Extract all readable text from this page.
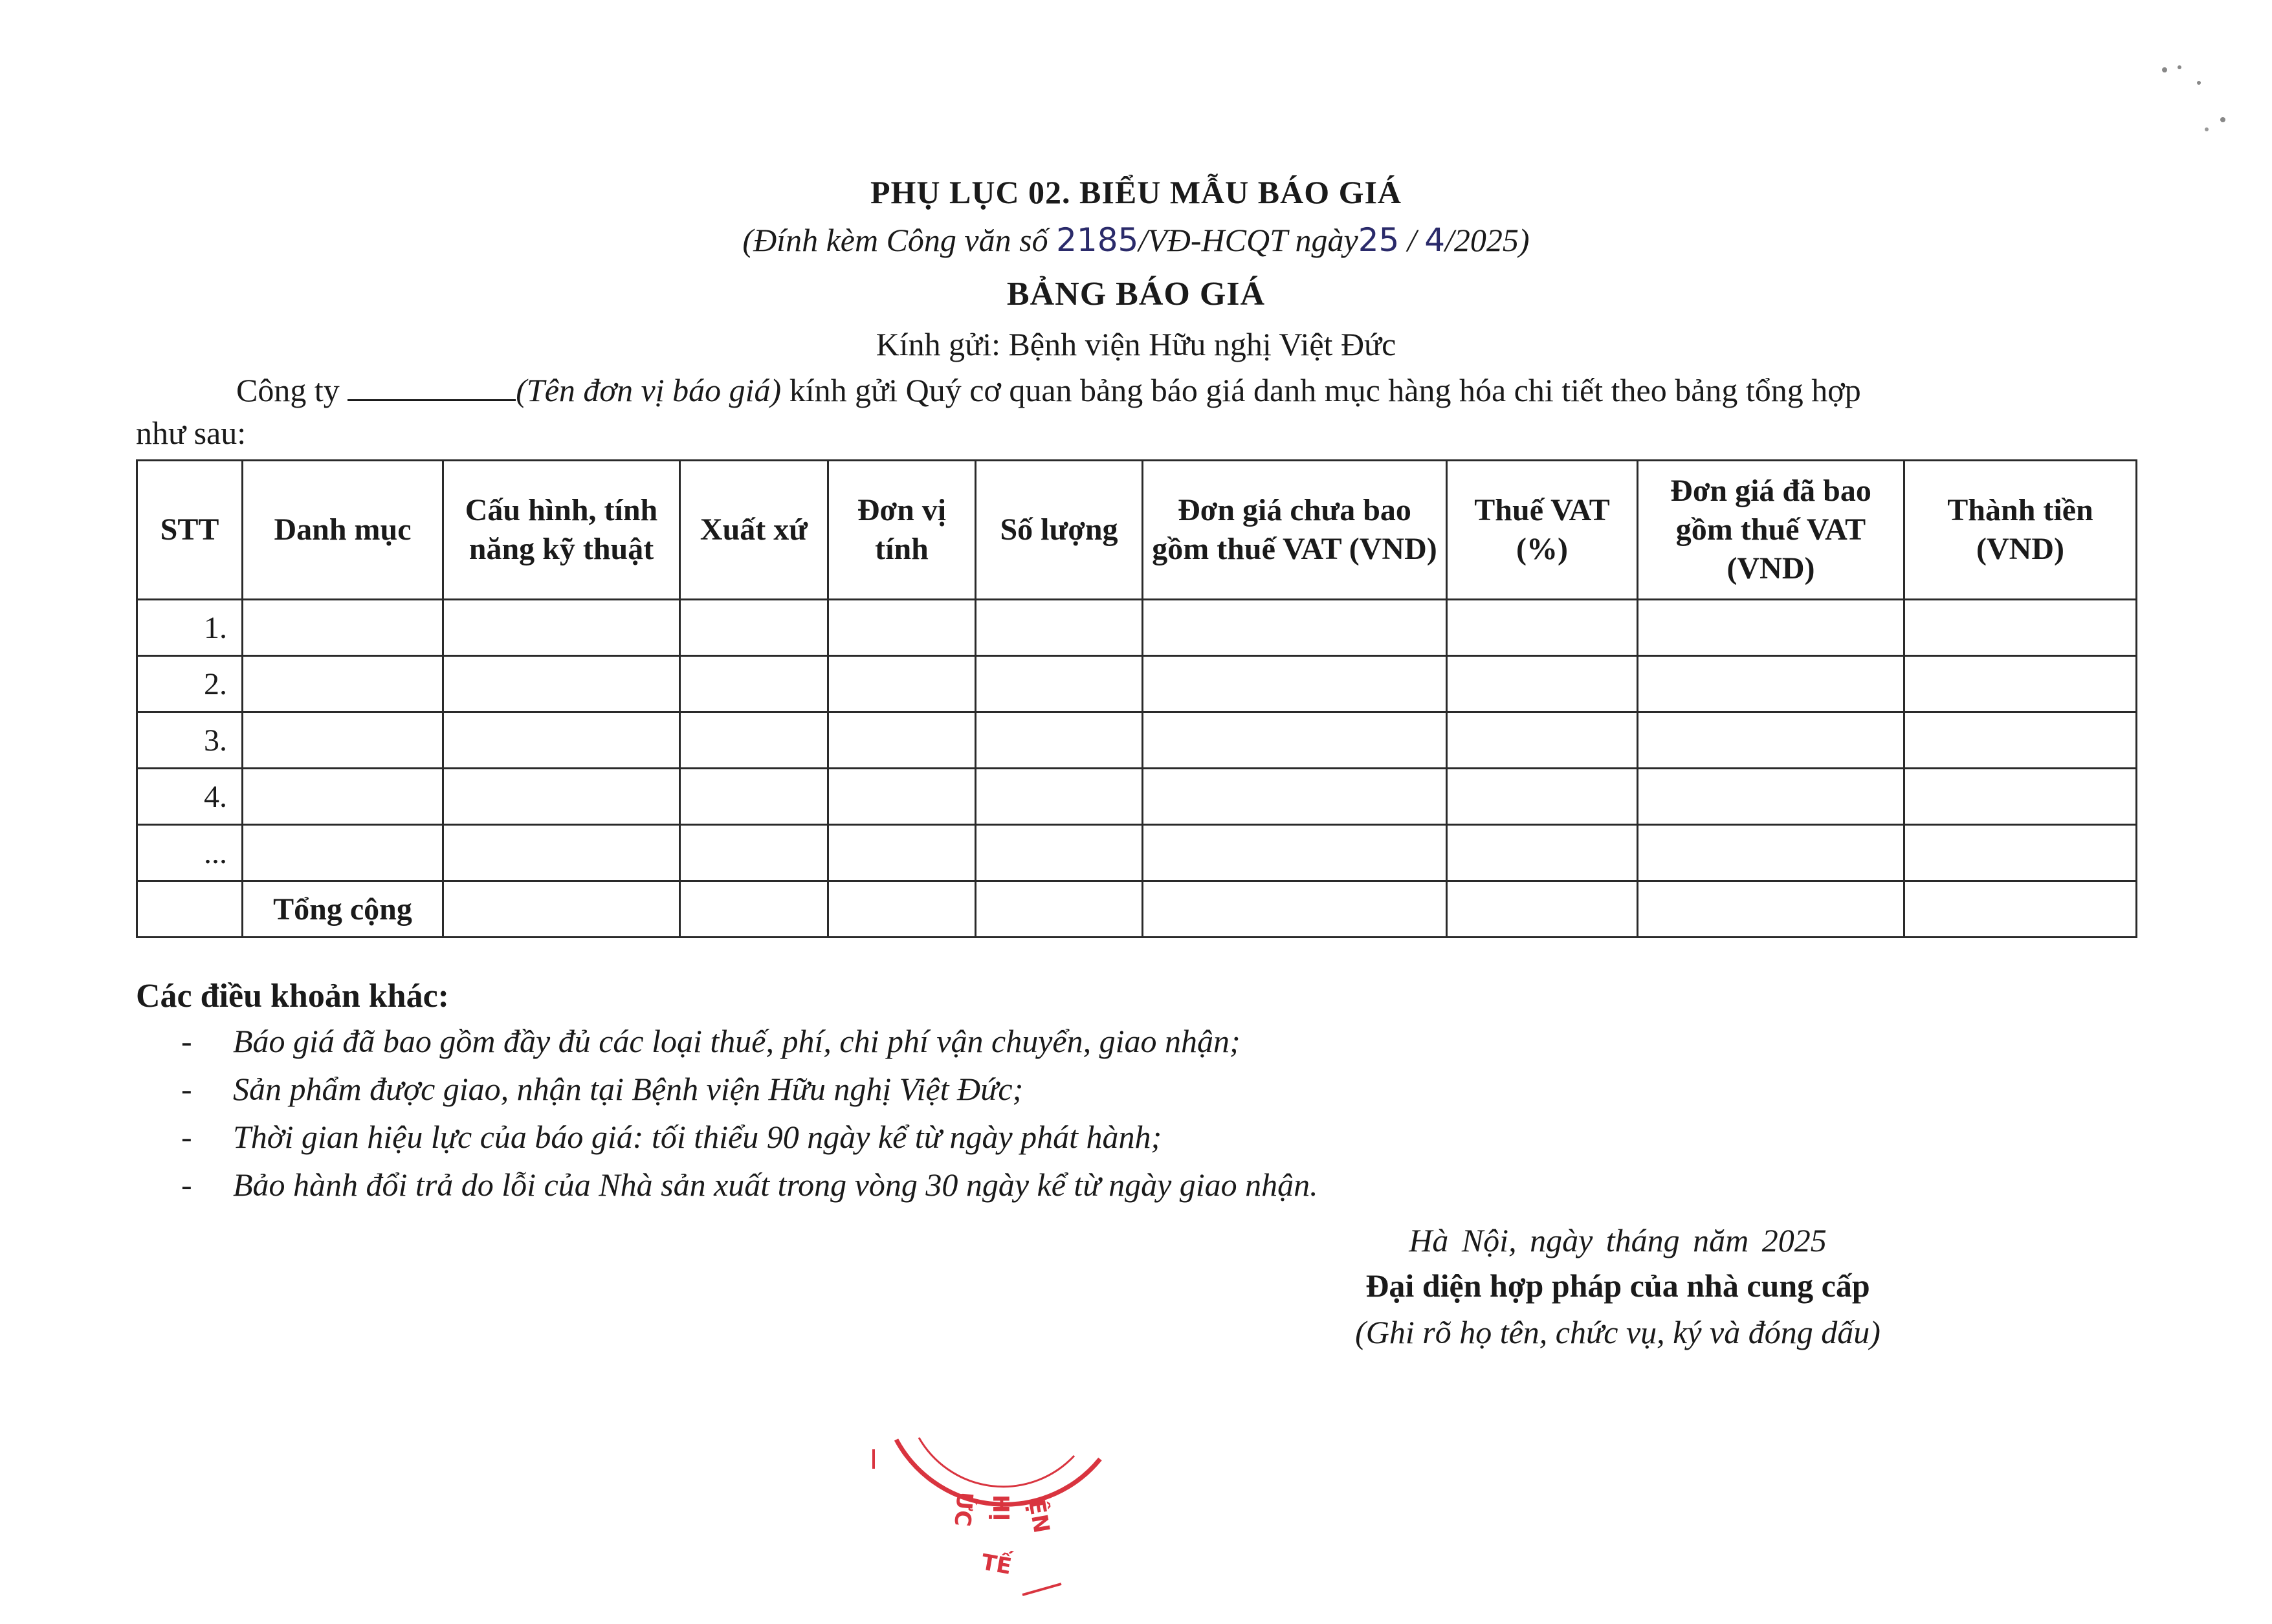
PHỤ LỤC 02. BIỂU MẪU BÁO GIÁ
(Đính kèm Công văn số 2185/VĐ-HCQT ngày25 / 4/2025)
BẢNG BÁO GIÁ
Kính gửi: Bệnh viện Hữu nghị Việt Đức
Công ty	(Tên đơn vị báo giá) kính gửi Quý cơ quan bảng báo giá danh mục hàng hóa chi tiết theo bảng tổng hợp
như sau:
STT	Danh mục	Cấu hình, tính năng kỹ thuật	Xuất xứ	Đơn vị tính	Số lượng	Đơn giá chưa bao gồm thuế VAT (VND)	Thuế VAT (%)	Đơn giá đã bao gồm thuế VAT (VND)	Thành tiền (VND)
1.									
2.									
3.									
4.									
...									
	Tổng cộng								
Các điều khoản khác:
- Báo giá đã bao gồm đầy đủ các loại thuế, phí, chi phí vận chuyển, giao nhận;
- Sản phẩm được giao, nhận tại Bệnh viện Hữu nghị Việt Đức;
- Thời gian hiệu lực của báo giá: tối thiểu 90 ngày kể từ ngày phát hành;
- Bảo hành đổi trả do lỗi của Nhà sản xuất trong vòng 30 ngày kể từ ngày giao nhận.
Hà Nội, ngày tháng năm 2025
Đại diện hợp pháp của nhà cung cấp
(Ghi rõ họ tên, chức vụ, ký và đóng dấu)
ỆN
HỊ
ỨC
TẾ
